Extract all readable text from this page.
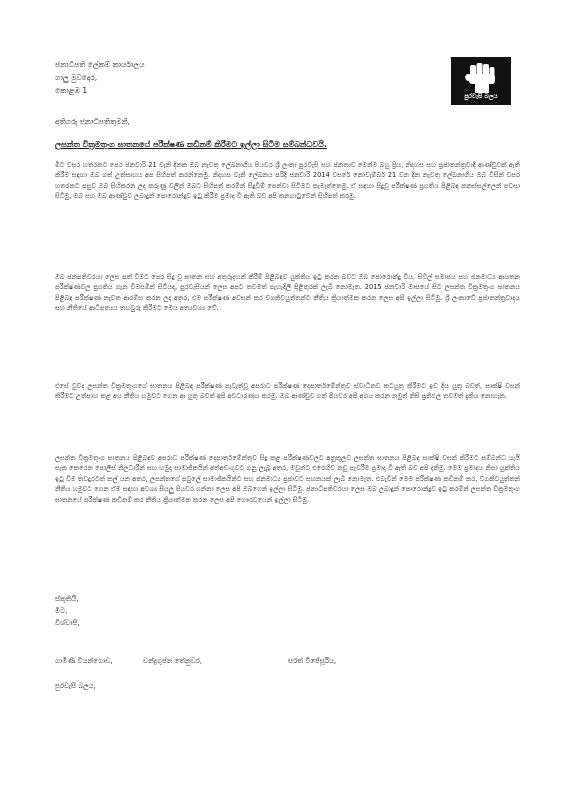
ජනාධිපති ලේකම් කාර්යාලය
ගාලු මුවදොර,
කොළඹ 1
පුරවැසි බලය
අතිගරු ජනාධිපතිතුමනි,
ලසන්ත වික්‍රමතුංග ඝාතනයේ පරීක්ෂණ කඩිනම් කිරීමට ඉල්ලා සිටීම සම්බන්ධවයි.
මීට වසර හතරකට පෙර ජනවාරි 21 වැනි දිනක ඔබ නැවතු ලේඛනාගිය පියවර ශ්‍රී ලංකා පුරවැසි සහ ජනතාව මෙන්ම බහු ප්‍රිය, නිදහස සහ ප්‍රජාතන්ත්‍රවාදී ආණ්ඩුවක් ඇති කිරීම සඳහා ඔබ ගත් උත්සාහය අප සිහිපත් කරන්නෙමු. නිදහස වැනි ලේඛනය පරිදි ජනවාරි 2014 වසරේ නොවැම්බර් 21 වන දින නැවතු ලේඛනාගිය ඔබ විසින් වසර හතරකට පසුව ඔබ සිහිකරන ලද කරුණු වලින් ඔබට සිහිපත් කරමින් සිදුවීම් පෙන්වා සිටීමට කැමැත්තෙමු. ඒ සඳහා සිදුවූ පරීක්ෂණ ප්‍රගතිය පිළිබඳ කනස්සල්ලෙන් පවසා සිටිමු, ඔබ සහ ඔබ ආණ්ඩුව ලබාදුන් පොරොන්දුව ඉටු කිරීම ප්‍රමාද වී ඇති බව අපි කනගාටුවෙන් සිහිපත් කරමු.
ඔබ ජනපතිවරයා ලෙස පත් වීමට පෙර සිදු වූ ඝාතන සහ අතුරුදහන් කිරීම් පිළිබඳව යුක්තිය ඉටු කරන බවට ඔබ පොරොන්දු විය. සිවිල් සමාජය සහ ජනමාධ්‍ය ආයතන පරීක්ෂණවල ප්‍රගතිය ගැන විමසමින් සිටියද, පුරවැසියන් ලෙස අපට තවමත් පැහැදිලි පිළිතුරක් ලැබී නොමැත. 2015 ජනවාරි මාසයේ සිට ලසන්ත වික්‍රමතුංග ඝාතනය පිළිබඳ පරීක්ෂණ නැවත ආරම්භ කරන ලද අතර, එම පරීක්ෂණ අවසන් කර වගකිවයුත්තන්ට නීතිය ක්‍රියාත්මක කරන ලෙස අපි ඉල්ලා සිටිමු. ශ්‍රී ලංකාවේ ප්‍රජාතන්ත්‍රවාදය සහ නීතියේ ආධිපත්‍යය තහවුරු කිරීමට මෙය අත්‍යවශ්‍ය වේ.
එසේ වුවද ලසන්ත වික්‍රමතුංගගේ ඝාතනය පිළිබඳ පරීක්ෂණ පැවැත්වූ අපරාධ පරීක්ෂණ දෙපාර්තමේන්තුව ස්වාධීනව කටයුතු කිරීමට ඉඩ දිය යුතු බවත්, සාක්ෂි වසන් කිරීමට උත්සාහ කළ අය නීතිය හමුවට ගෙන ආ යුතු බවත් අපි අවධාරණය කරමු. ඔබ ආණ්ඩුව ගත් පියවර අපි අගය කරන නමුත් නිසි ප්‍රතිඵල තවමත් දැකිය නොහැක.
ලසන්ත වික්‍රමතුංග ඝාතනය පිළිබඳව අපරාධ පරීක්ෂණ දෙපාර්තමේන්තුව සිදු කළ පරීක්ෂණවලට අනුකූලව ලසන්ත ඝාතනය පිළිබඳ සාක්ෂි වසන් කිරීමට සම්බන්ධ යැයි සැක කෙරෙන පොලිස් නිලධාරීන් සහ හමුදා සාමාජිකයින් අත්අඩංගුවට ගනු ලැබූ අතර, ඔවුන්ට එරෙහිව නඩු පැවරීම ප්‍රමාද වී ඇති බව අපි දනිමු. මෙම ප්‍රමාදය නිසා යුක්තිය ඉටු වීම තවදුරටත් කල් යන අතර, ලසන්තගේ පවුලේ සාමාජිකයින්ට සහ ජනමාධ්‍ය ප්‍රජාවට සහනයක් ලැබී නොමැත. එබැවින් මෙම පරීක්ෂණ කඩිනම් කර, වගකිවයුත්තන් නීතිය හමුවට ගෙන ඒම සඳහා අවශ්‍ය සියලු පියවර ගන්නා ලෙස අපි ඔබගෙන් ඉල්ලා සිටිමු. ජනාධිපතිවරයා ලෙස ඔබ ලබාදුන් පොරොන්දුව ඉටු කරමින් ලසන්ත වික්‍රමතුංග ඝාතනයේ පරීක්ෂණ කඩිනම් කර නීතිය ක්‍රියාත්මක කරන ලෙස අපි ගෞරවයෙන් ඉල්ලා සිටිමු.
ස්තූතියි,
මීට,
විශ්වාසී,
ගාමිණී වියන්ගොඩ,	චන්ද්‍රගුප්ත තේනුවර,	සරත් විජේසූරිය,
පුරවැසි බලය,
